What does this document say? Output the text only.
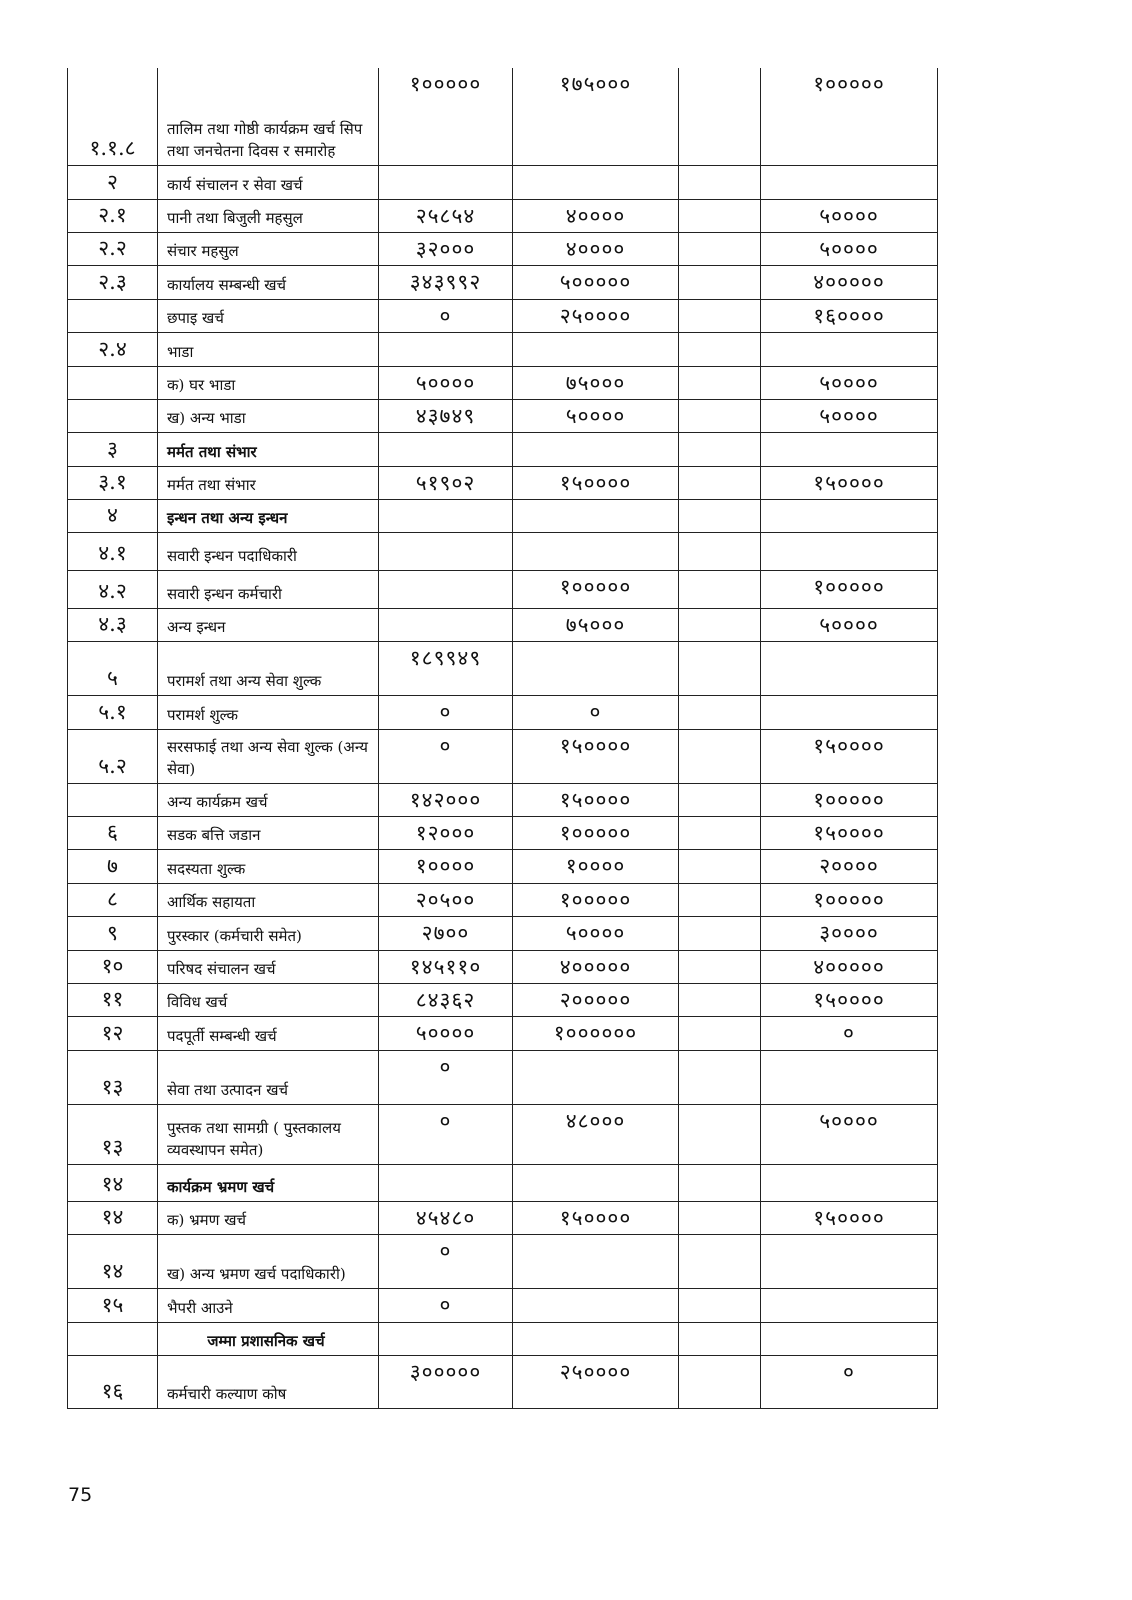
१.१.८	तालिम तथा गोष्ठी कार्यक्रम खर्च सिप तथा जनचेतना दिवस र समारोह	१०००००	१७५०००		१०००००
२	कार्य संचालन र सेवा खर्च				
२.१	पानी तथा बिजुली महसुल	२५८५४	४००००		५००००
२.२	संचार महसुल	३२०००	४००००		५००००
२.३	कार्यालय सम्बन्धी खर्च	३४३९९२	५०००००		४०००००
	छपाइ खर्च	०	२५००००		१६००००
२.४	भाडा				
	क) घर भाडा	५००००	७५०००		५००००
	ख) अन्य भाडा	४३७४९	५००००		५००००
३	मर्मत तथा संभार				
३.१	मर्मत तथा संभार	५१९०२	१५००००		१५००००
४	इन्धन तथा अन्य इन्धन				
४.१	सवारी इन्धन पदाधिकारी				
४.२	सवारी इन्धन कर्मचारी		१०००००		१०००००
४.३	अन्य इन्धन		७५०००		५००००
५	परामर्श तथा अन्य सेवा शुल्क	१८९९४९			
५.१	परामर्श शुल्क	०	०		
५.२	सरसफाई तथा अन्य सेवा शुल्क (अन्य सेवा)	०	१५००००		१५००००
	अन्य कार्यक्रम खर्च	१४२०००	१५००००		१०००००
६	सडक बत्ति जडान	१२०००	१०००००		१५००००
७	सदस्यता शुल्क	१००००	१००००		२००००
८	आर्थिक सहायता	२०५००	१०००००		१०००००
९	पुरस्कार (कर्मचारी समेत)	२७००	५००००		३००००
१०	परिषद संचालन खर्च	१४५११०	४०००००		४०००००
११	विविध खर्च	८४३६२	२०००००		१५००००
१२	पदपूर्ती सम्बन्धी खर्च	५००००	१००००००		०
१३	सेवा तथा उत्पादन खर्च	०			
१३	पुस्तक तथा सामग्री ( पुस्तकालय व्यवस्थापन समेत)	०	४८०००		५००००
१४	कार्यक्रम भ्रमण खर्च				
१४	क) भ्रमण खर्च	४५४८०	१५००००		१५००००
१४	ख) अन्य भ्रमण खर्च पदाधिकारी)	०			
१५	भैपरी आउने	०			
	जम्मा प्रशासनिक खर्च				
१६	कर्मचारी कल्याण कोष	३०००००	२५००००		०
75
